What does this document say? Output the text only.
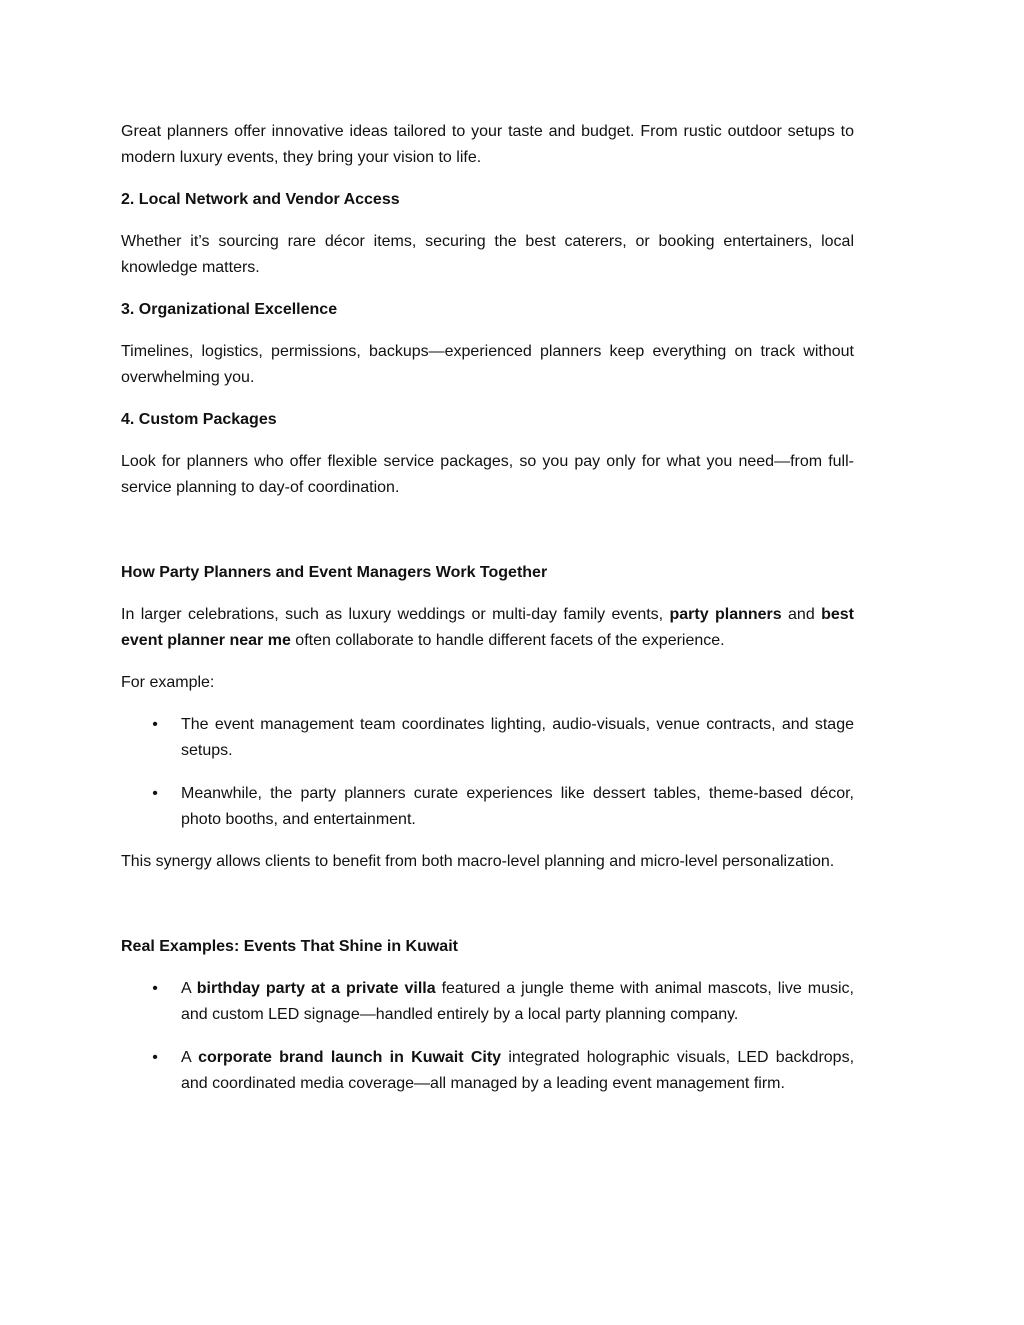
Great planners offer innovative ideas tailored to your taste and budget. From rustic outdoor setups to modern luxury events, they bring your vision to life.

2. Local Network and Vendor Access

Whether it’s sourcing rare décor items, securing the best caterers, or booking entertainers, local knowledge matters.

3. Organizational Excellence

Timelines, logistics, permissions, backups—experienced planners keep everything on track without overwhelming you.

4. Custom Packages

Look for planners who offer flexible service packages, so you pay only for what you need—from full-service planning to day-of coordination.

How Party Planners and Event Managers Work Together

In larger celebrations, such as luxury weddings or multi-day family events, party planners and best event planner near me often collaborate to handle different facets of the experience.

For example:

• The event management team coordinates lighting, audio-visuals, venue contracts, and stage setups.
• Meanwhile, the party planners curate experiences like dessert tables, theme-based décor, photo booths, and entertainment.

This synergy allows clients to benefit from both macro-level planning and micro-level personalization.

Real Examples: Events That Shine in Kuwait

• A birthday party at a private villa featured a jungle theme with animal mascots, live music, and custom LED signage—handled entirely by a local party planning company.
• A corporate brand launch in Kuwait City integrated holographic visuals, LED backdrops, and coordinated media coverage—all managed by a leading event management firm.
